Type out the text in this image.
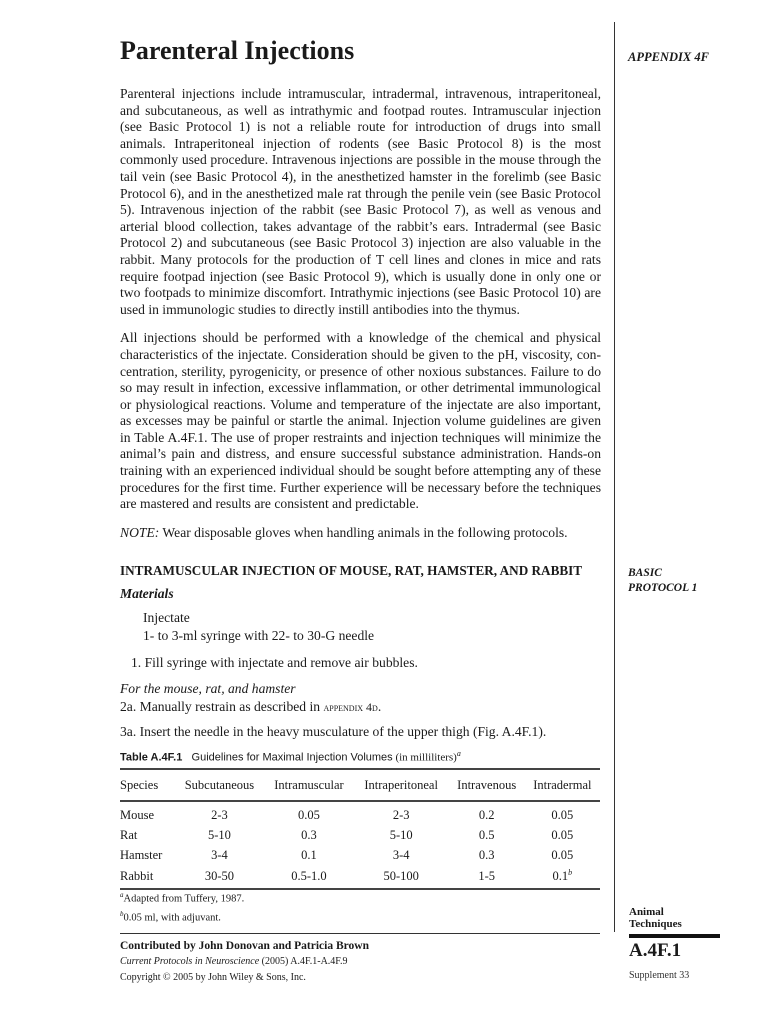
Parenteral Injections	APPENDIX 4F

Parenteral injections include intramuscular, intradermal, intravenous, intraperitoneal, and subcutaneous, as well as intrathymic and footpad routes. Intramuscular injection (see Basic Protocol 1) is not a reliable route for introduction of drugs into small animals. Intraperitoneal injection of rodents (see Basic Protocol 8) is the most commonly used procedure. Intravenous injections are possible in the mouse through the tail vein (see Basic Protocol 4), in the anesthetized hamster in the forelimb (see Basic Protocol 6), and in the anesthetized male rat through the penile vein (see Basic Protocol 5). Intravenous injection of the rabbit (see Basic Protocol 7), as well as venous and arterial blood collection, takes advantage of the rabbit’s ears. Intradermal (see Basic Protocol 2) and subcutaneous (see Basic Protocol 3) injection are also valuable in the rabbit. Many protocols for the production of T cell lines and clones in mice and rats require footpad injection (see Basic Protocol 9), which is usually done in only one or two footpads to minimize discomfort. Intrathymic injections (see Basic Protocol 10) are used in immunologic studies to directly instill antibodies into the thymus.

All injections should be performed with a knowledge of the chemical and physical characteristics of the injectate. Consideration should be given to the pH, viscosity, concentration, sterility, pyrogenicity, or presence of other noxious substances. Failure to do so may result in infection, excessive inflammation, or other detrimental immunological or physiological reactions. Volume and temperature of the injectate are also important, as excesses may be painful or startle the animal. Injection volume guidelines are given in Table A.4F.1. The use of proper restraints and injection techniques will minimize the animal’s pain and distress, and ensure successful substance administration. Hands-on training with an experienced individual should be sought before attempting any of these procedures for the first time. Further experience will be necessary before the techniques are mastered and results are consistent and predictable.

NOTE: Wear disposable gloves when handling animals in the following protocols.

BASIC
PROTOCOL 1
INTRAMUSCULAR INJECTION OF MOUSE, RAT, HAMSTER, AND RABBIT
Materials
Injectate
1- to 3-ml syringe with 22- to 30-G needle
1. Fill syringe with injectate and remove air bubbles.
For the mouse, rat, and hamster
2a. Manually restrain as described in appendix 4d.
3a. Insert the needle in the heavy musculature of the upper thigh (Fig. A.4F.1).
Table A.4F.1 Guidelines for Maximal Injection Volumes (in milliliters)$^a$
Species	Subcutaneous	Intramuscular	Intraperitoneal	Intravenous	Intradermal
Mouse	2-3	0.05	2-3	0.2	0.05
Rat	5-10	0.3	5-10	0.5	0.05
Hamster	3-4	0.1	3-4	0.3	0.05
Rabbit	30-50	0.5-1.0	50-100	1-5	0.1$^b$
$^a$Adapted from Tuffery, 1987.
$^b$0.05 ml, with adjuvant.
Contributed by John Donovan and Patricia Brown
Current Protocols in Neuroscience (2005) A.4F.1-A.4F.9
Copyright © 2005 by John Wiley & Sons, Inc.
Animal
Techniques
A.4F.1
Supplement 33
